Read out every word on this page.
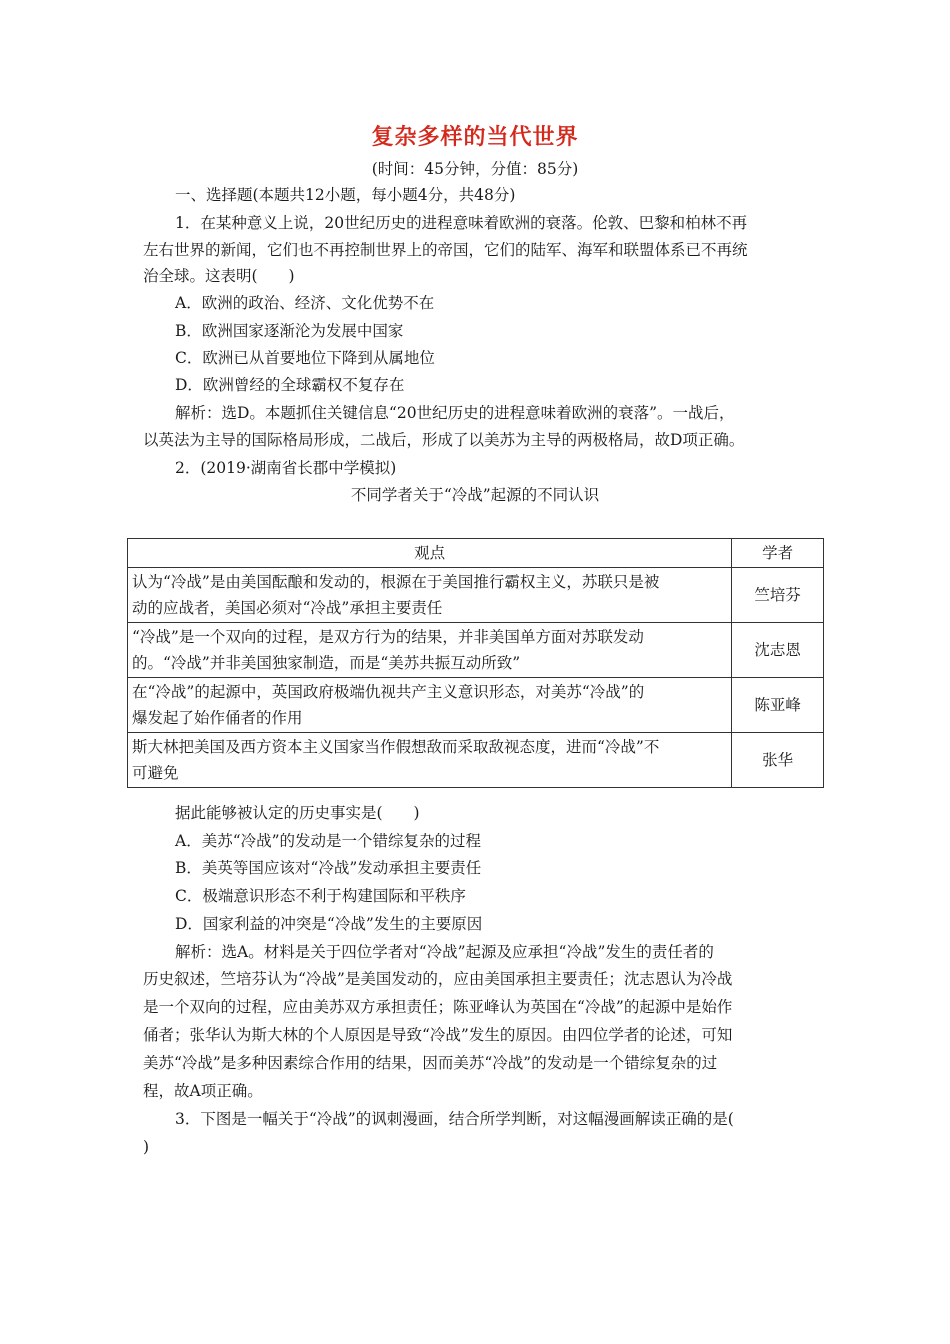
复杂多样的当代世界
(时间：45分钟，分值：85分)
一、选择题(本题共12小题，每小题4分，共48分)
1．在某种意义上说，20世纪历史的进程意味着欧洲的衰落。伦敦、巴黎和柏林不再
左右世界的新闻，它们也不再控制世界上的帝国，它们的陆军、海军和联盟体系已不再统
治全球。这表明(　　)
A．欧洲的政治、经济、文化优势不在
B．欧洲国家逐渐沦为发展中国家
C．欧洲已从首要地位下降到从属地位
D．欧洲曾经的全球霸权不复存在
解析：选D。本题抓住关键信息“20世纪历史的进程意味着欧洲的衰落”。一战后，
以英法为主导的国际格局形成，二战后，形成了以美苏为主导的两极格局，故D项正确。
2．(2019·湖南省长郡中学模拟)
不同学者关于“冷战”起源的不同认识
观点	学者
认为“冷战”是由美国酝酿和发动的，根源在于美国推行霸权主义，苏联只是被
动的应战者，美国必须对“冷战”承担主要责任	竺培芬
“冷战”是一个双向的过程，是双方行为的结果，并非美国单方面对苏联发动
的。“冷战”并非美国独家制造，而是“美苏共振互动所致”	沈志恩
在“冷战”的起源中，英国政府极端仇视共产主义意识形态，对美苏“冷战”的
爆发起了始作俑者的作用	陈亚峰
斯大林把美国及西方资本主义国家当作假想敌而采取敌视态度，进而“冷战”不
可避免	张华
据此能够被认定的历史事实是(　　)
A．美苏“冷战”的发动是一个错综复杂的过程
B．美英等国应该对“冷战”发动承担主要责任
C．极端意识形态不利于构建国际和平秩序
D．国家利益的冲突是“冷战”发生的主要原因
解析：选A。材料是关于四位学者对“冷战”起源及应承担“冷战”发生的责任者的
历史叙述，竺培芬认为“冷战”是美国发动的，应由美国承担主要责任；沈志恩认为冷战
是一个双向的过程，应由美苏双方承担责任；陈亚峰认为英国在“冷战”的起源中是始作
俑者；张华认为斯大林的个人原因是导致“冷战”发生的原因。由四位学者的论述，可知
美苏“冷战”是多种因素综合作用的结果，因而美苏“冷战”的发动是一个错综复杂的过
程，故A项正确。
3．下图是一幅关于“冷战”的讽刺漫画，结合所学判断，对这幅漫画解读正确的是(
)
